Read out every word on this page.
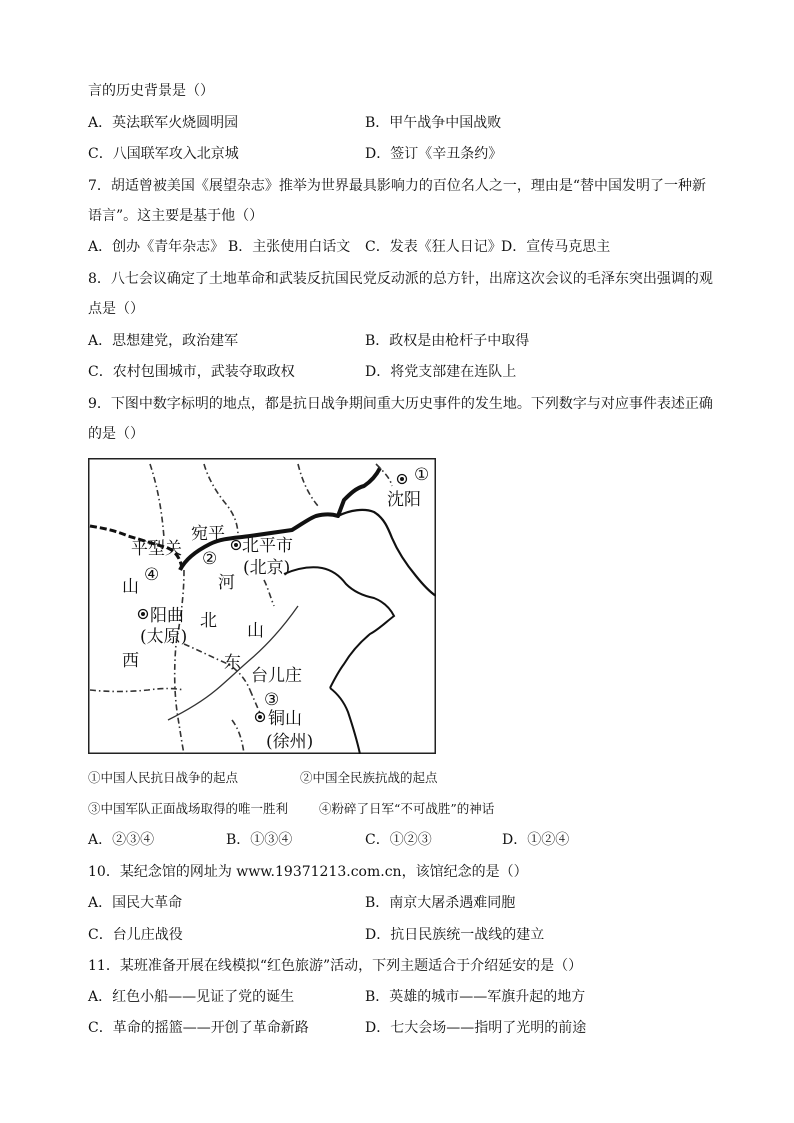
言的历史背景是（）
A．英法联军火烧圆明园	B．甲午战争中国战败
C．八国联军攻入北京城	D．签订《辛丑条约》
7．胡适曾被美国《展望杂志》推举为世界最具影响力的百位名人之一，理由是“替中国发明了一种新
语言”。这主要是基于他（）
A．创办《青年杂志》 B．主张使用白话文 C．发表《狂人日记》 D．宣传马克思主
8．八七会议确定了土地革命和武装反抗国民党反动派的总方针，出席这次会议的毛泽东突出强调的观
点是（）
A．思想建党，政治建军	B．政权是由枪杆子中取得
C．农村包围城市，武装夺取政权	D．将党支部建在连队上
9．下图中数字标明的地点，都是抗日战争期间重大历史事件的发生地。下列数字与对应事件表述正确
的是（）
①
沈阳
宛平
②
北平市
(北京)
平型关
④
山	河
阳曲
(太原)
北 山
西	东
台儿庄
③
铜山
(徐州)
①中国人民抗日战争的起点	②中国全民族抗战的起点
③中国军队正面战场取得的唯一胜利 ④粉碎了日军“不可战胜”的神话
A．②③④	B．①③④	C．①②③	D．①②④
10．某纪念馆的网址为 www.19371213.com.cn，该馆纪念的是（）
A．国民大革命	B．南京大屠杀遇难同胞
C．台儿庄战役	D．抗日民族统一战线的建立
11．某班准备开展在线模拟“红色旅游”活动，下列主题适合于介绍延安的是（）
A．红色小船——见证了党的诞生	B．英雄的城市——军旗升起的地方
C．革命的摇篮——开创了革命新路	D．七大会场——指明了光明的前途
